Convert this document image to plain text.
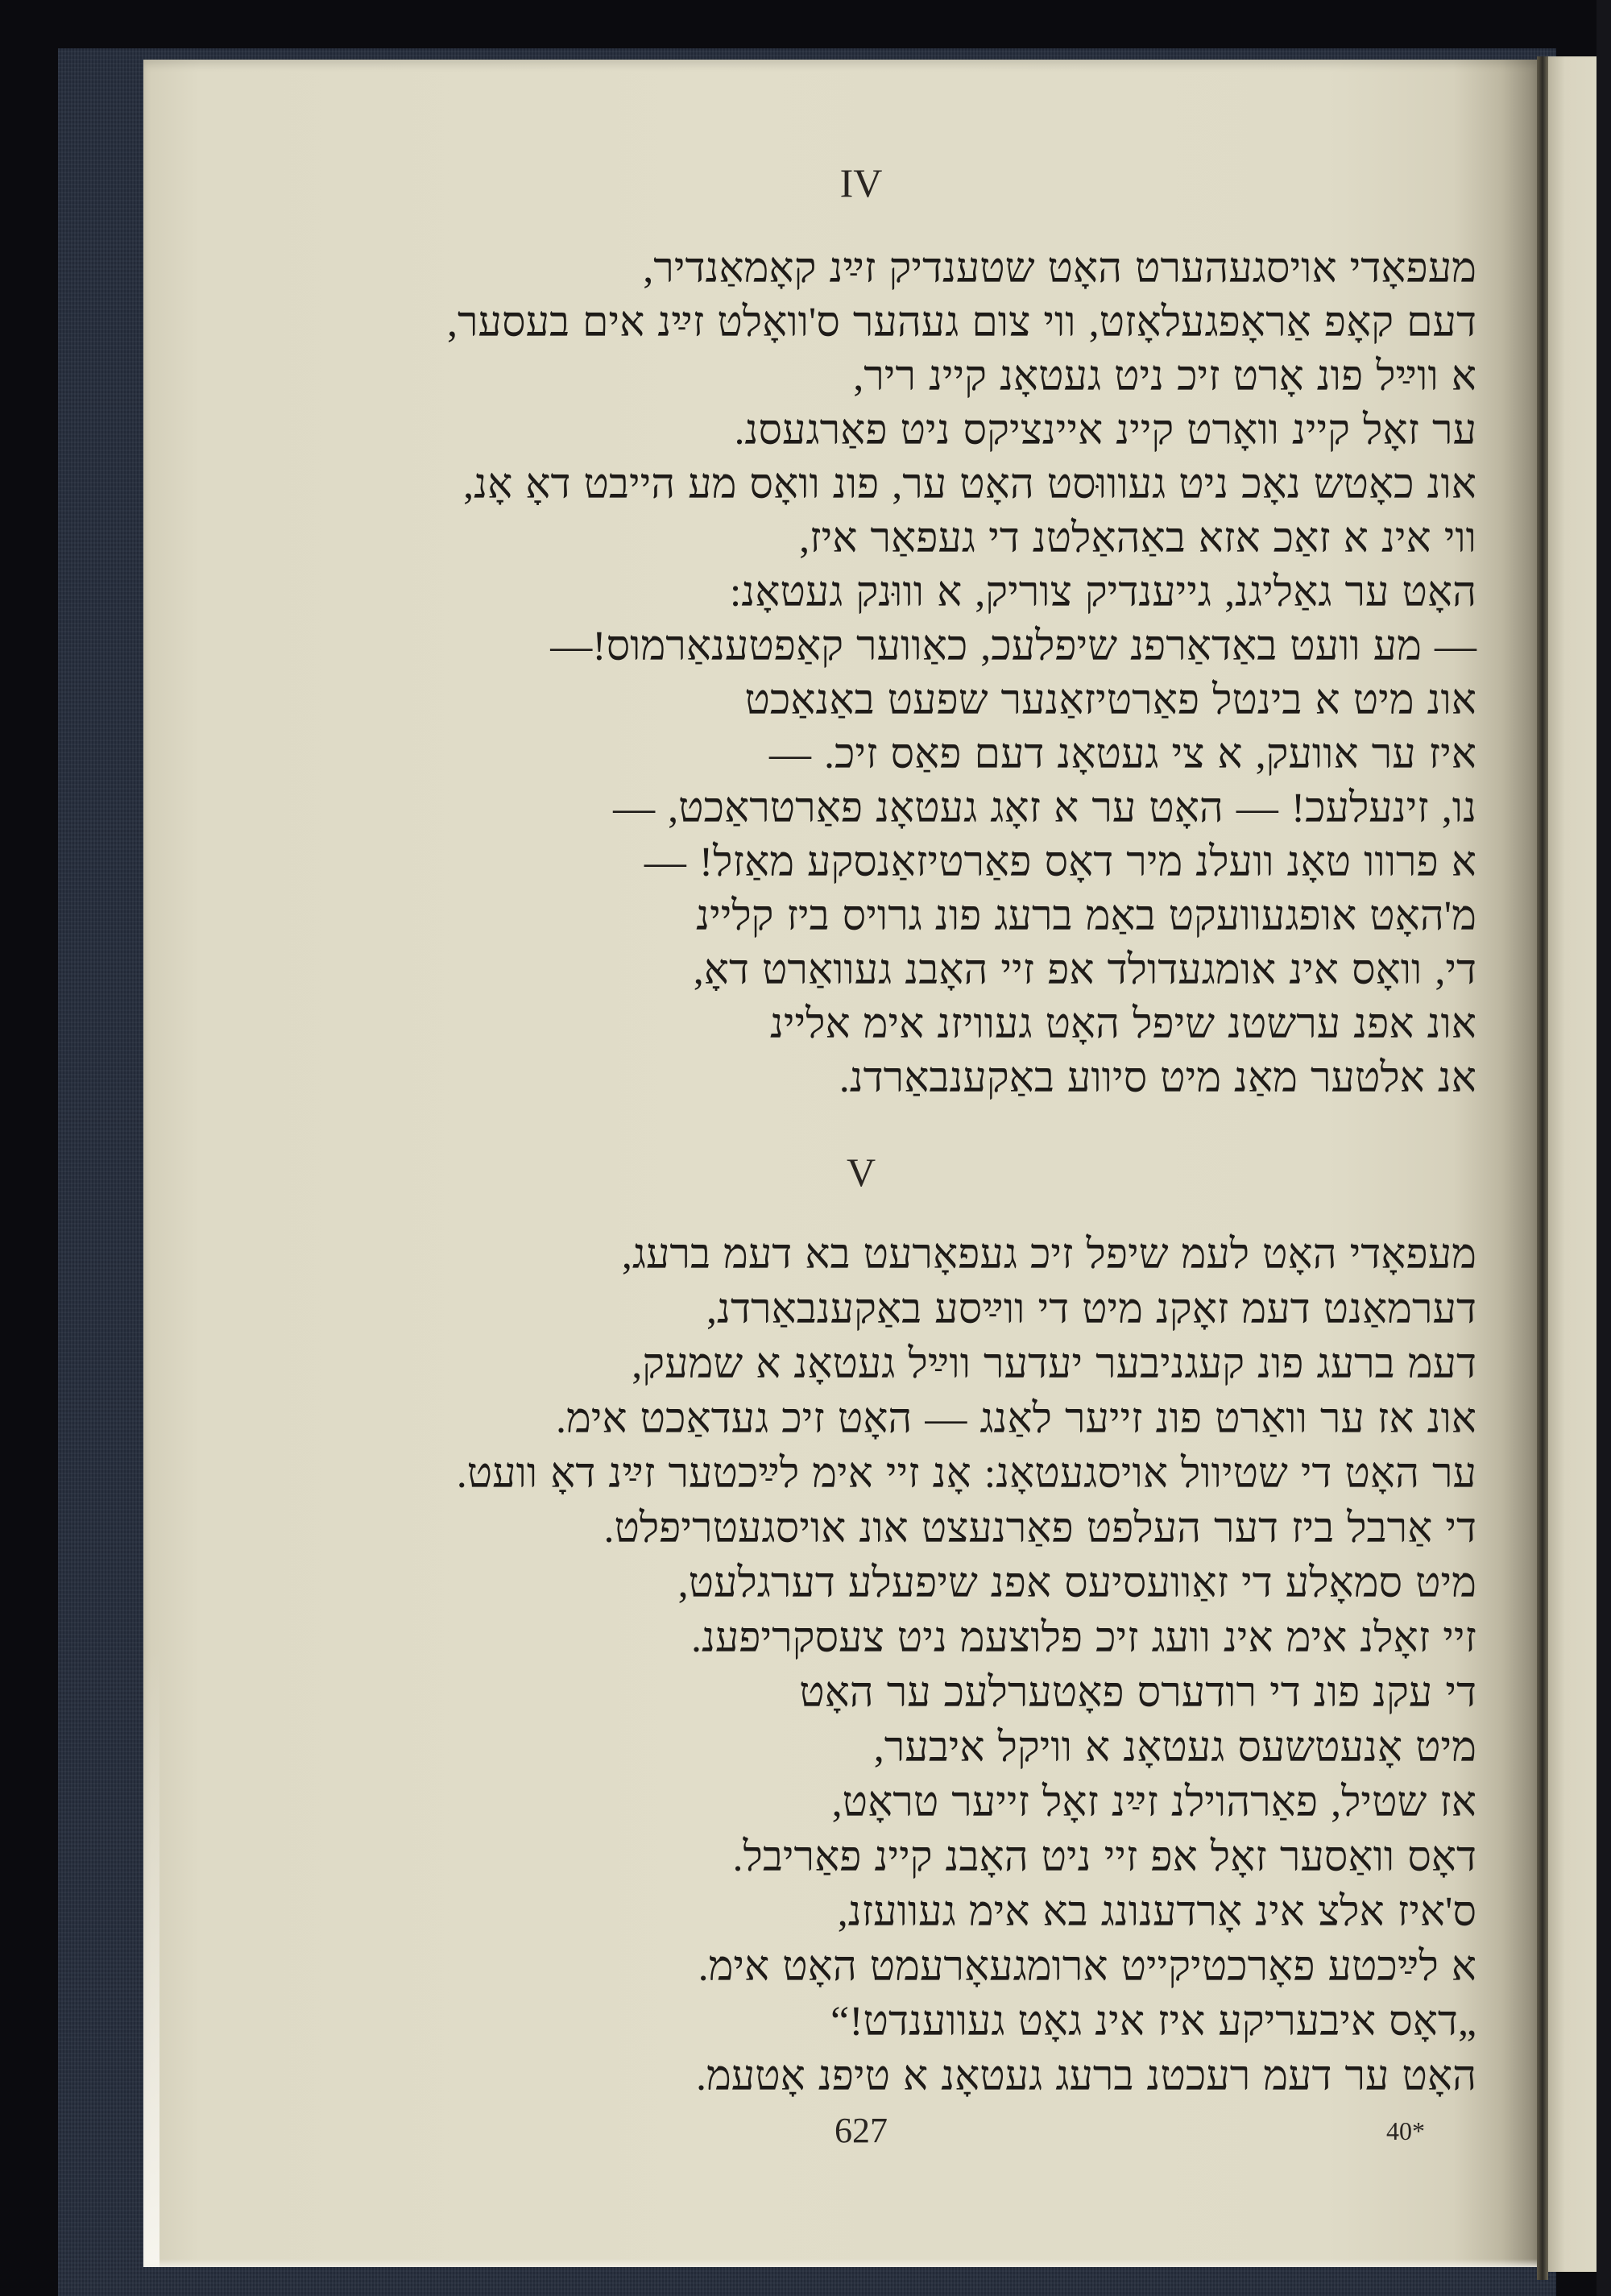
IV
מעפאָדי אויסגעהערט האָט שטענדיק זײַנ קאָמאַנדיר,
דעם קאָפ אַראָפגעלאָזט, ווי צום געהער ס'וואָלט זײַנ אים בעסער,
א ווײַל פונ אָרט זיכ ניט געטאָנ קיינ ריר,
ער זאָל קיינ וואָרט קיינ איינציקס ניט פאַרגעסנ.
אונ כאָטש נאָכ ניט געוווּסט האָט ער, פונ וואָס מע הייבט דאָ אָנ,
ווי אינ א זאַכ אזא באַהאַלטנ די געפאַר איז,
האָט ער גאַליגנ, גייענדיק צוריק, א וווּנק געטאָנ:
— מע וועט באַדאַרפנ שיפלעכ, כאַווער קאַפטענאַרמוס!—
אונ מיט א בינטל פאַרטיזאַנער שפעט באַנאַכט
איז ער אוועק, א צי געטאָנ דעם פאַס זיכ. —
נו, זינעלעכ! — האָט ער א זאָג געטאָנ פאַרטראַכט, —
א פרווו טאָנ וועלנ מיר דאָס פאַרטיזאַנסקע מאַזל! —
מ'האָט אופגעוועקט באַמ ברעג פונ גרויס ביז קליינ
די, וואָס אינ אומגעדולד אפ זיי האָבנ געוואַרט דאָ,
אונ אפנ ערשטנ שיפל האָט געוויזנ אימ אליינ
אנ אלטער מאַנ מיט סיווע באַקענבאַרדנ.
V
מעפאָדי האָט לעמ שיפל זיכ געפאָרעט בא דעמ ברעג,
דערמאַנט דעמ זאָקנ מיט די ווײַסע באַקענבאַרדנ,
דעמ ברעג פונ קעגניבער יעדער ווײַל געטאָנ א שמעק,
אונ אז ער וואַרט פונ זייער לאַנג — האָט זיכ געדאַכט אימ.
ער האָט די שטיוול אויסגעטאָנ: אָנ זיי אימ לײַכטער זײַנ דאָ וועט.
די אַרבל ביז דער העלפט פאַרנעצט אונ אויסגעטריפלט.
מיט סמאָלע די זאַוועסיעס אפנ שיפעלע דערגלעט,
זיי זאָלנ אימ אינ וועג זיכ פלוצעמ ניט צעסקריפענ.
די עקנ פונ די רודערס פאָטערלעכ ער האָט
מיט אָנעטשעס געטאָנ א וויקל איבער,
אז שטיל, פאַרהוילנ זײַנ זאָל זייער טראָט,
דאָס וואַסער זאָל אפ זיי ניט האָבנ קיינ פאַריבל.
ס'איז אלצ אינ אָרדענונג בא אימ געוועזנ,
א לײַכטע פאָרכטיקייט ארומגעאָרעמט האָט אימ.
„דאָס איבעריקע איז אינ גאָט געווענדט!“
האָט ער דעמ רעכטנ ברעג געטאָנ א טיפנ אָטעמ.
627	40*
